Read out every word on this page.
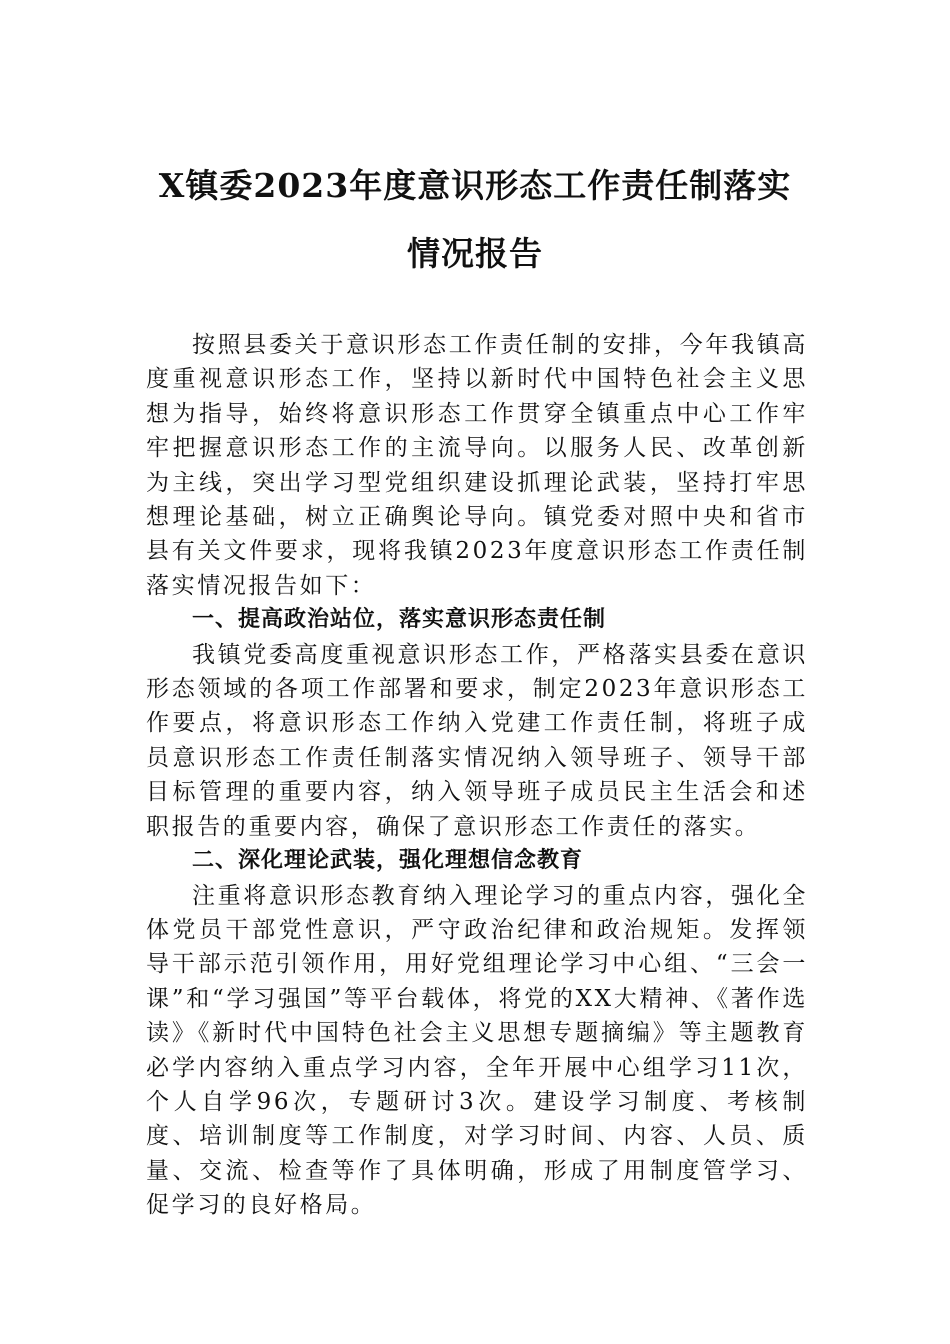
X镇委2023年度意识形态工作责任制落实
情况报告

按照县委关于意识形态工作责任制的安排，今年我镇高度重视意识形态工作，坚持以新时代中国特色社会主义思想为指导，始终将意识形态工作贯穿全镇重点中心工作牢牢把握意识形态工作的主流导向。以服务人民、改革创新为主线，突出学习型党组织建设抓理论武装，坚持打牢思想理论基础，树立正确舆论导向。镇党委对照中央和省市县有关文件要求，现将我镇2023年度意识形态工作责任制落实情况报告如下：

一、提高政治站位，落实意识形态责任制

我镇党委高度重视意识形态工作，严格落实县委在意识形态领域的各项工作部署和要求，制定2023年意识形态工作要点，将意识形态工作纳入党建工作责任制，将班子成员意识形态工作责任制落实情况纳入领导班子、领导干部目标管理的重要内容，纳入领导班子成员民主生活会和述职报告的重要内容，确保了意识形态工作责任的落实。

二、深化理论武装，强化理想信念教育

注重将意识形态教育纳入理论学习的重点内容，强化全体党员干部党性意识，严守政治纪律和政治规矩。发挥领导干部示范引领作用，用好党组理论学习中心组、“三会一课”和“学习强国”等平台载体，将党的XX大精神、《著作选读》《新时代中国特色社会主义思想专题摘编》等主题教育必学内容纳入重点学习内容，全年开展中心组学习11次，个人自学96次，专题研讨3次。建设学习制度、考核制度、培训制度等工作制度，对学习时间、内容、人员、质量、交流、检查等作了具体明确，形成了用制度管学习、促学习的良好格局。
